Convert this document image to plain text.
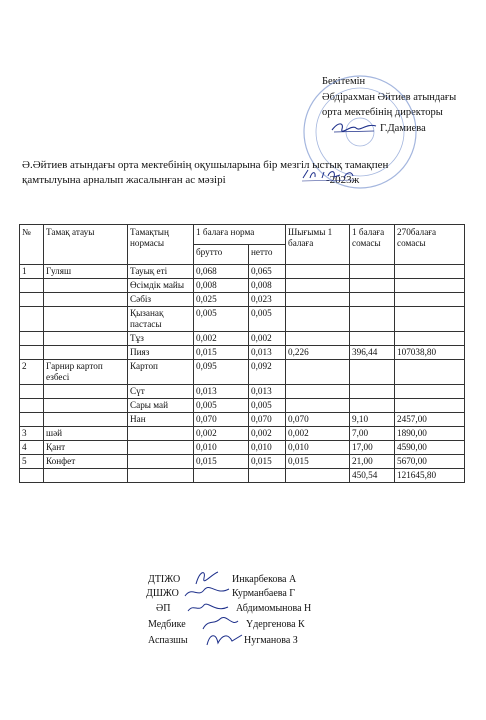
Бекітемін
Әбдірахман Әйтиев атындағы
орта мектебінің директоры
Г.Дамиева
Ә.Әйтиев атындағы орта мектебінің оқушыларына бір мезгіл ыстық тамақпен
қамтылуына арналып жасалынған ас мәзірі	-2023ж
№	Тамақ атауы	Тамақтың нормасы	1 балаға норма		Шығымы 1 балаға	1 балаға сомасы	270балаға сомасы
			брутто	нетто			
1	Гуляш	Тауық еті	0,068	0,065			
		Өсімдік майы	0,008	0,008			
		Сәбіз	0,025	0,023			
		Қызанақ пастасы	0,005	0,005			
		Тұз	0,002	0,002			
		Пияз	0,015	0,013	0,226	396,44	107038,80
2	Гарнир картоп езбесі	Картоп	0,095	0,092			
		Сүт	0,013	0,013			
		Сары май	0,005	0,005			
		Нан	0,070	0,070	0,070	9,10	2457,00
3	шәй		0,002	0,002	0,002	7,00	1890,00
4	Қант		0,010	0,010	0,010	17,00	4590,00
5	Конфет		0,015	0,015	0,015	21,00	5670,00
						450,54	121645,80
ДТІЖО	Инкарбекова А
ДШЖО	Курманбаева Г
ӘП	Абдимомынова Н
Медбике	Үдергенова К
Аспазшы	Нугманова З
